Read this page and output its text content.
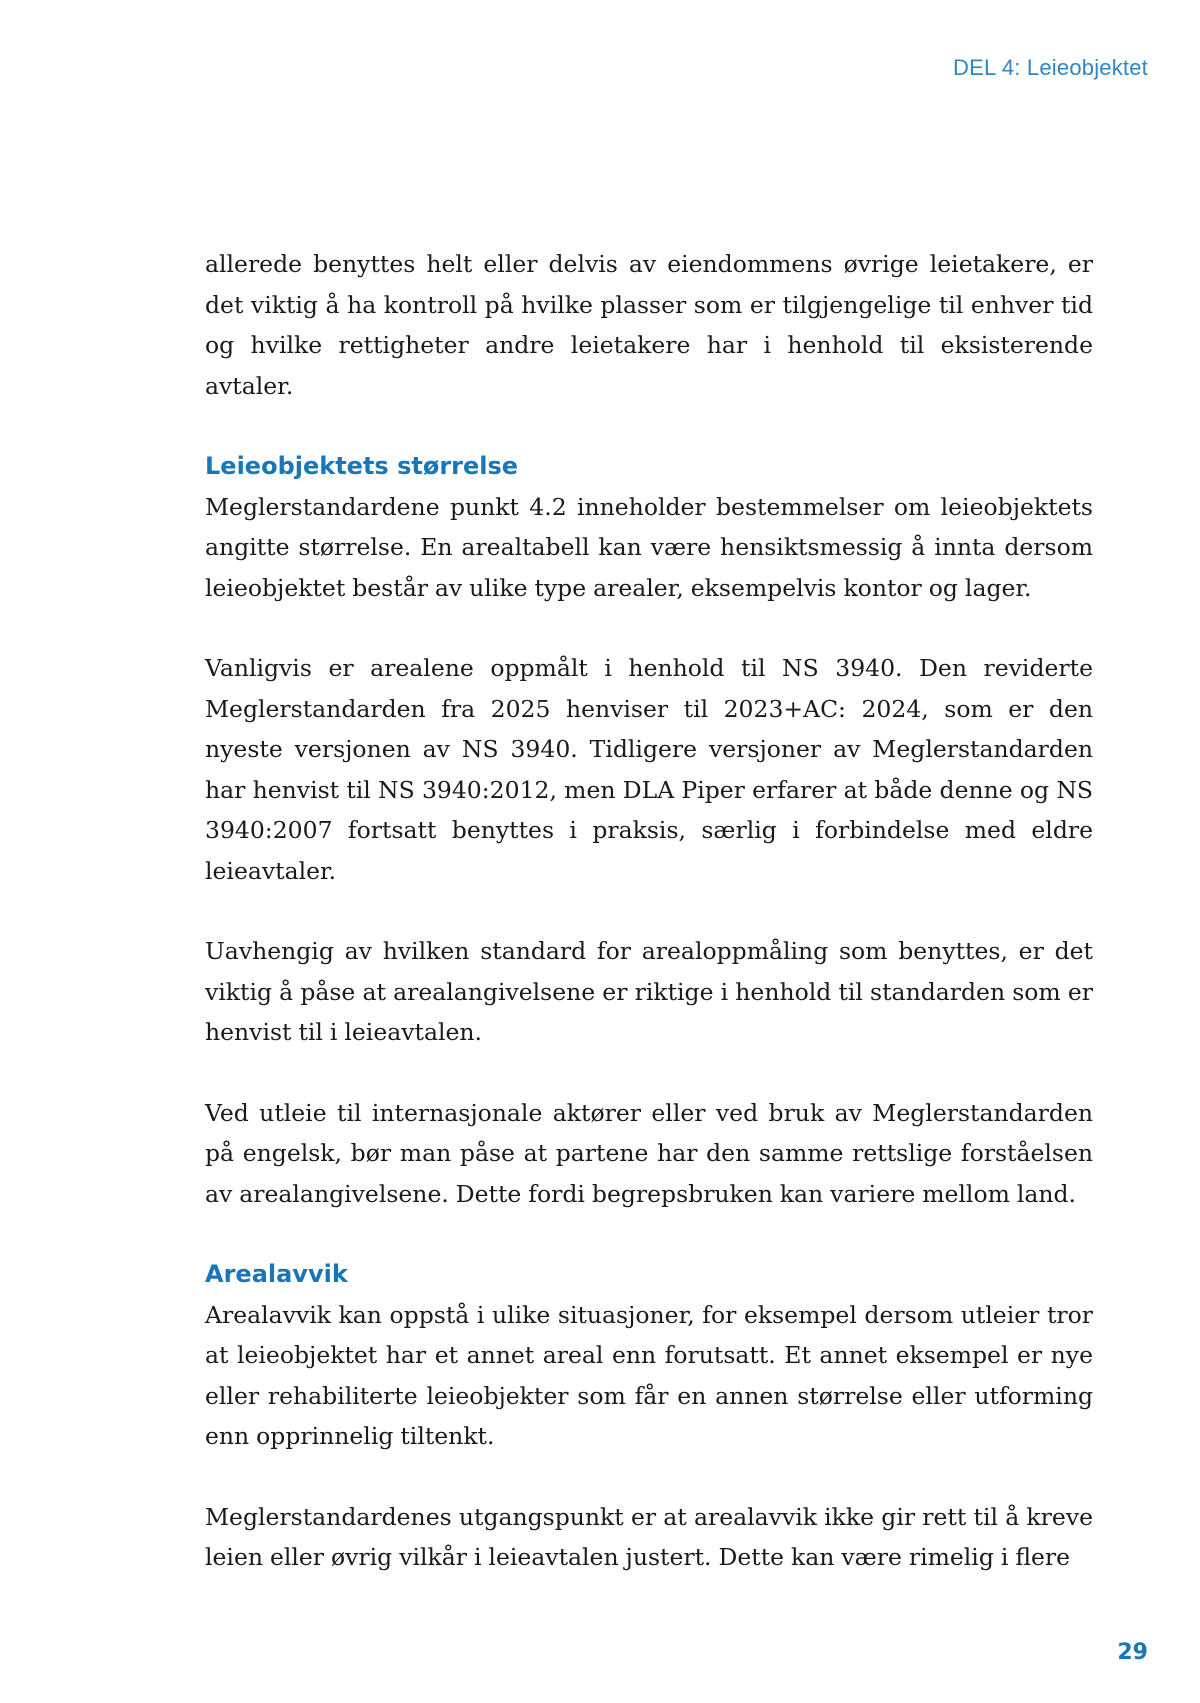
DEL 4: Leieobjektet

allerede benyttes helt eller delvis av eiendommens øvrige leietakere, er det viktig å ha kontroll på hvilke plasser som er tilgjengelige til enhver tid og hvilke rettigheter andre leietakere har i henhold til eksisterende avtaler.

Leieobjektets størrelse

Meglerstandardene punkt 4.2 inneholder bestemmelser om leieobjektets angitte størrelse. En arealtabell kan være hensiktsmessig å innta dersom leieobjektet består av ulike type arealer, eksempelvis kontor og lager.

Vanligvis er arealene oppmålt i henhold til NS 3940. Den reviderte Meglerstandarden fra 2025 henviser til 2023+AC: 2024, som er den nyeste versjonen av NS 3940. Tidligere versjoner av Meglerstandarden har henvist til NS 3940:2012, men DLA Piper erfarer at både denne og NS 3940:2007 fortsatt benyttes i praksis, særlig i forbindelse med eldre leieavtaler.

Uavhengig av hvilken standard for arealoppmåling som benyttes, er det viktig å påse at arealangivelsene er riktige i henhold til standarden som er henvist til i leieavtalen.

Ved utleie til internasjonale aktører eller ved bruk av Meglerstandarden på engelsk, bør man påse at partene har den samme rettslige forståelsen av arealangivelsene. Dette fordi begrepsbruken kan variere mellom land.

Arealavvik

Arealavvik kan oppstå i ulike situasjoner, for eksempel dersom utleier tror at leieobjektet har et annet areal enn forutsatt. Et annet eksempel er nye eller rehabiliterte leieobjekter som får en annen størrelse eller utforming enn opprinnelig tiltenkt.

Meglerstandardenes utgangspunkt er at arealavvik ikke gir rett til å kreve leien eller øvrig vilkår i leieavtalen justert. Dette kan være rimelig i flere

29
